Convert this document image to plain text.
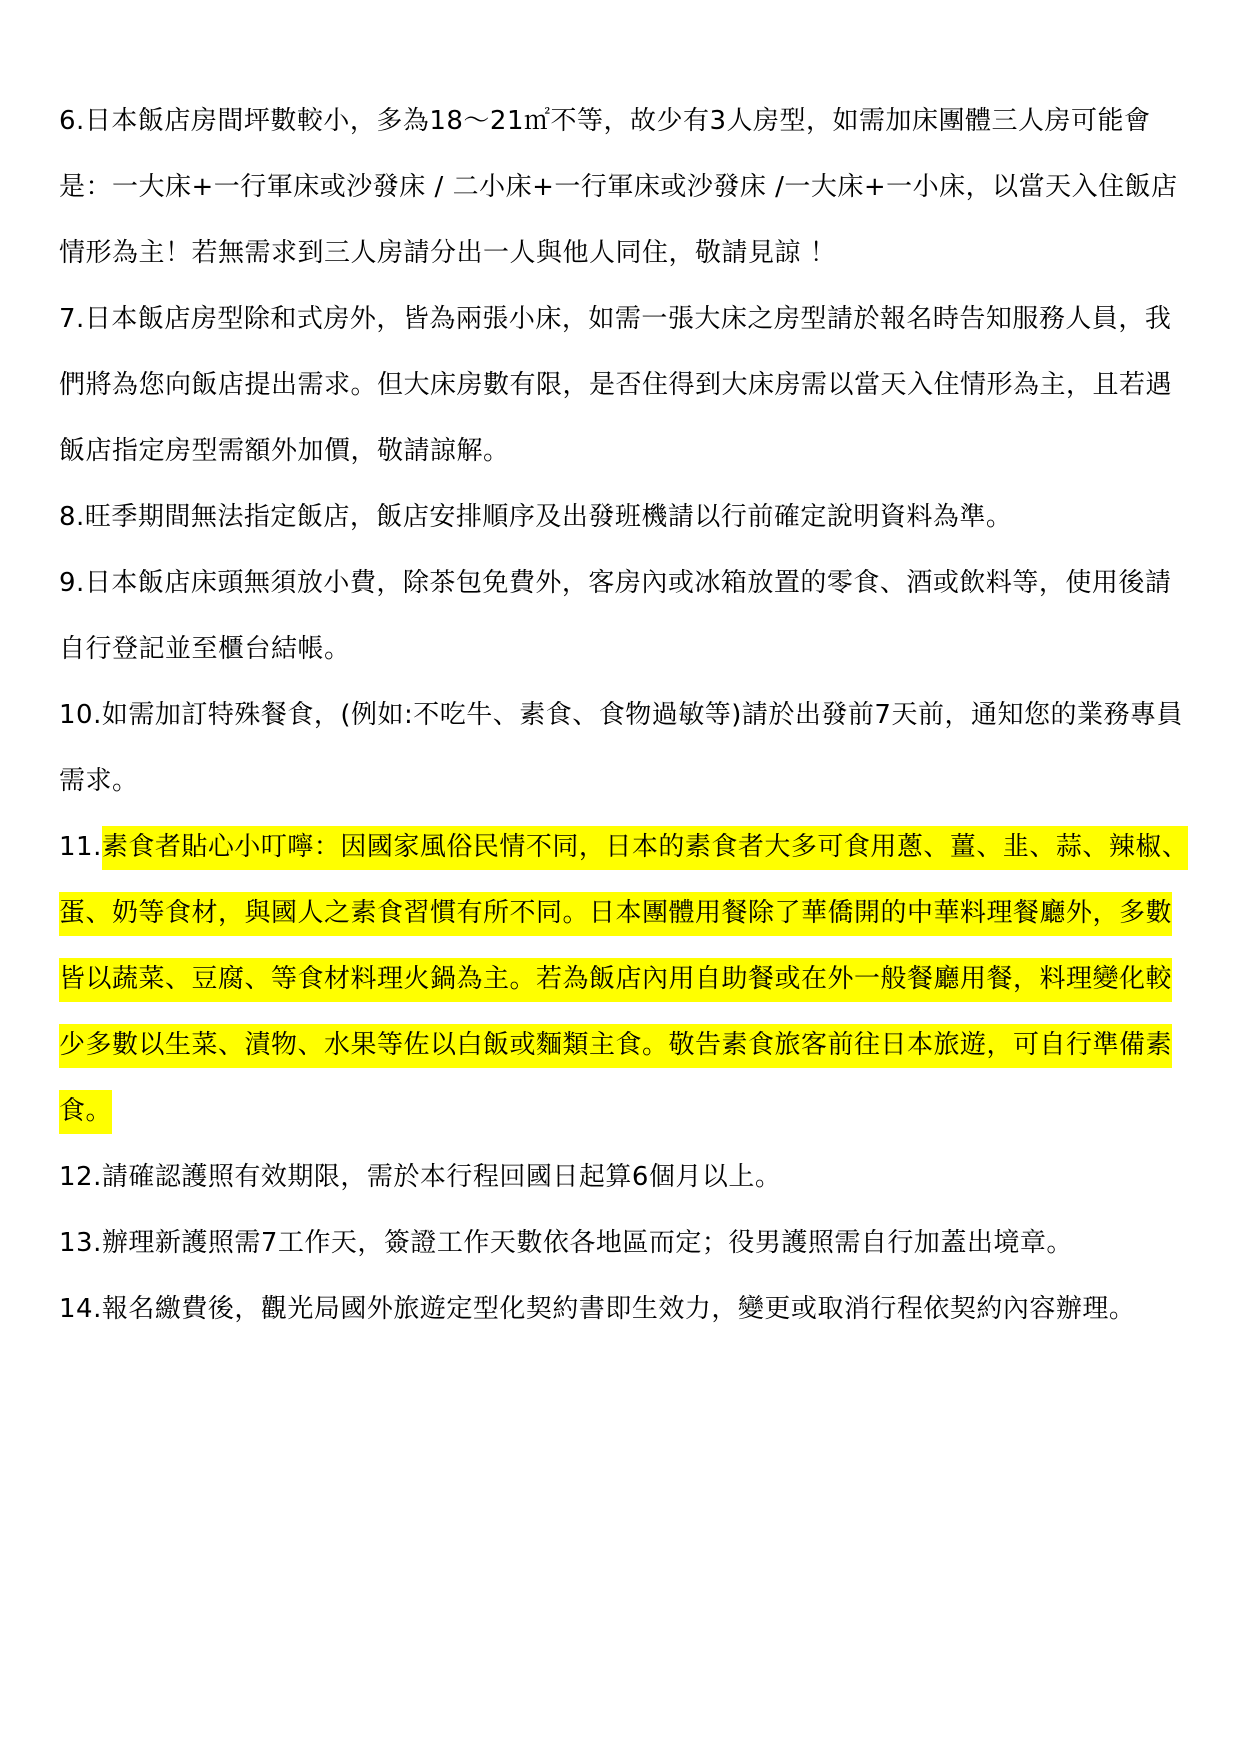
6.日本飯店房間坪數較小，多為18～21㎡不等，故少有3人房型，如需加床團體三人房可能會是：一大床+一行軍床或沙發床 / 二小床+一行軍床或沙發床 /一大床+一小床，以當天入住飯店情形為主！若無需求到三人房請分出一人與他人同住，敬請見諒 ！

7.日本飯店房型除和式房外，皆為兩張小床，如需一張大床之房型請於報名時告知服務人員，我們將為您向飯店提出需求。但大床房數有限，是否住得到大床房需以當天入住情形為主，且若遇飯店指定房型需額外加價，敬請諒解。

8.旺季期間無法指定飯店，飯店安排順序及出發班機請以行前確定說明資料為準。

9.日本飯店床頭無須放小費，除茶包免費外，客房內或冰箱放置的零食、酒或飲料等，使用後請自行登記並至櫃台結帳。

10.如需加訂特殊餐食，(例如:不吃牛、素食、食物過敏等)請於出發前7天前，通知您的業務專員需求。

11.素食者貼心小叮嚀：因國家風俗民情不同，日本的素食者大多可食用蔥、薑、韭、蒜、辣椒、蛋、奶等食材，與國人之素食習慣有所不同。日本團體用餐除了華僑開的中華料理餐廳外，多數皆以蔬菜、豆腐、等食材料理火鍋為主。若為飯店內用自助餐或在外一般餐廳用餐，料理變化較少多數以生菜、漬物、水果等佐以白飯或麵類主食。敬告素食旅客前往日本旅遊，可自行準備素食。

12.請確認護照有效期限，需於本行程回國日起算6個月以上。

13.辦理新護照需7工作天，簽證工作天數依各地區而定；役男護照需自行加蓋出境章。

14.報名繳費後，觀光局國外旅遊定型化契約書即生效力，變更或取消行程依契約內容辦理。
